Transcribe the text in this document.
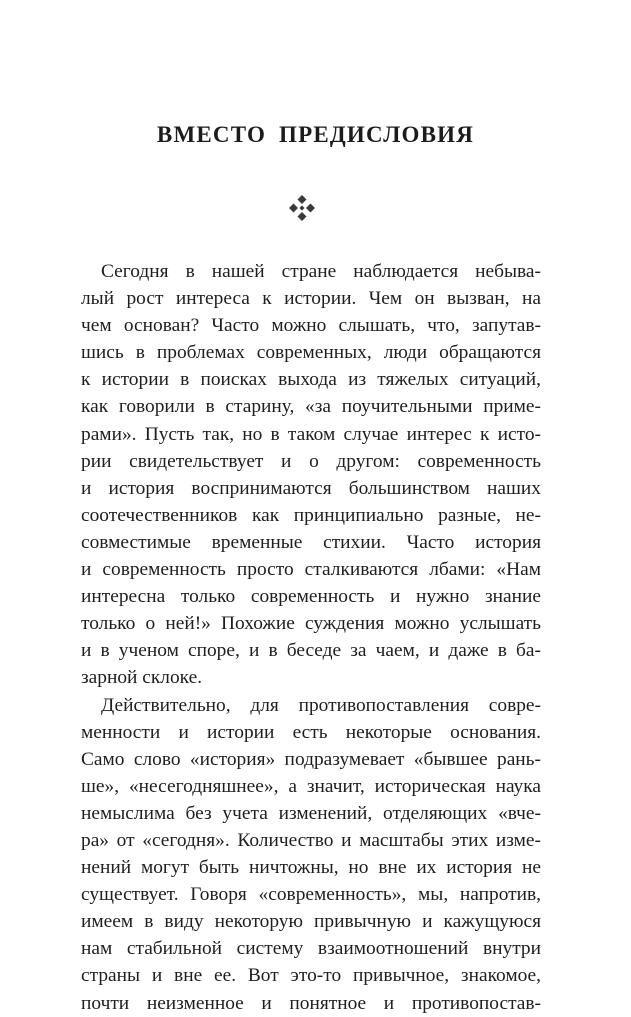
ВМЕСТО ПРЕДИСЛОВИЯ
Сегодня в нашей стране наблюдается небыва-
лый рост интереса к истории. Чем он вызван, на
чем основан? Часто можно слышать, что, запутав-
шись в проблемах современных, люди обращаются
к истории в поисках выхода из тяжелых ситуаций,
как говорили в старину, «за поучительными приме-
рами». Пусть так, но в таком случае интерес к исто-
рии свидетельствует и о другом: современность
и история воспринимаются большинством наших
соотечественников как принципиально разные, не-
совместимые временные стихии. Часто история
и современность просто сталкиваются лбами: «Нам
интересна только современность и нужно знание
только о ней!» Похожие суждения можно услышать
и в ученом споре, и в беседе за чаем, и даже в ба-
зарной склоке.
Действительно, для противопоставления совре-
менности и истории есть некоторые основания.
Само слово «история» подразумевает «бывшее рань-
ше», «несегодняшнее», а значит, историческая наука
немыслима без учета изменений, отделяющих «вче-
ра» от «сегодня». Количество и масштабы этих изме-
нений могут быть ничтожны, но вне их история не
существует. Говоря «современность», мы, напротив,
имеем в виду некоторую привычную и кажущуюся
нам стабильной систему взаимоотношений внутри
страны и вне ее. Вот это-то привычное, знакомое,
почти неизменное и понятное и противопостав-
